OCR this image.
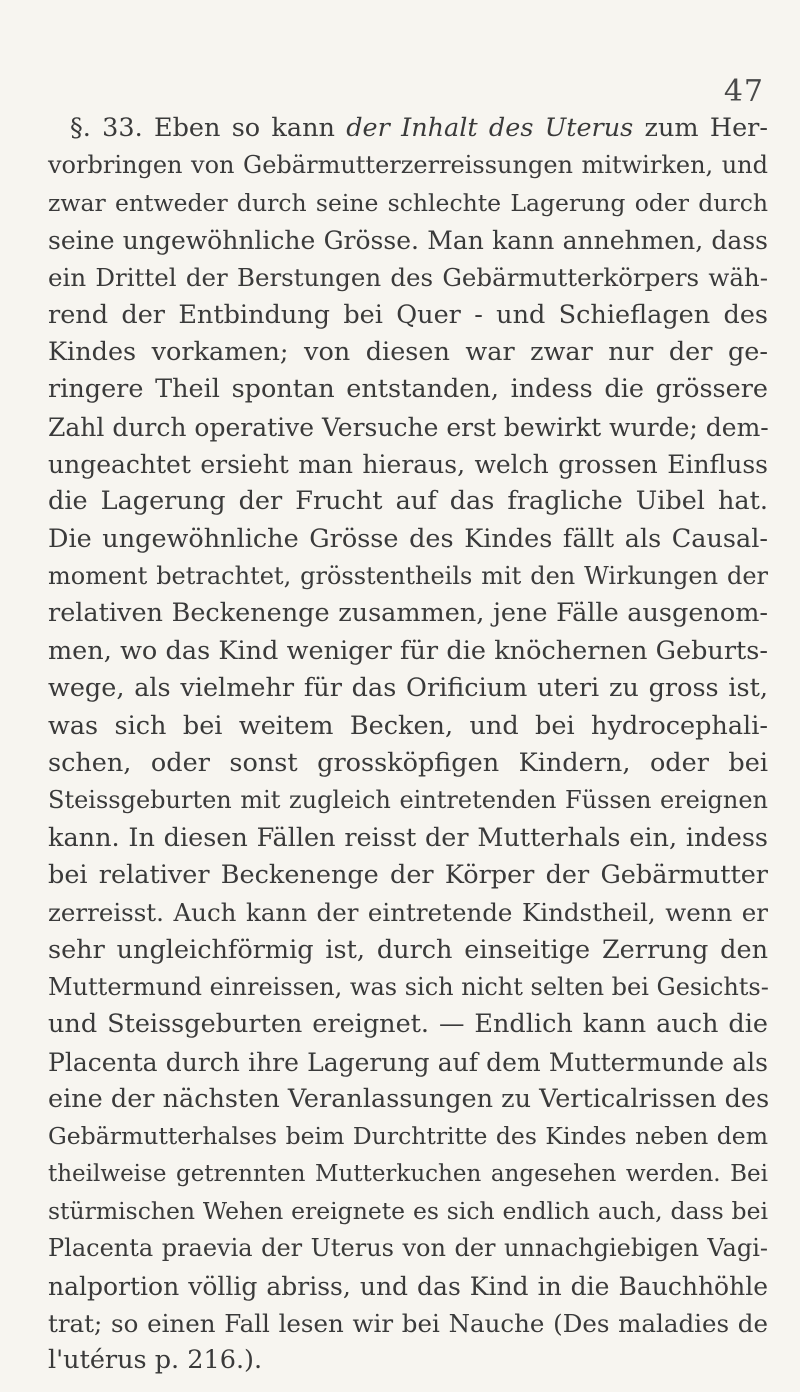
47
§. 33. Eben so kann der Inhalt des Uterus zum Her-
vorbringen von Gebärmutterzerreissungen mitwirken, und
zwar entweder durch seine schlechte Lagerung oder durch
seine ungewöhnliche Grösse. Man kann annehmen, dass
ein Drittel der Berstungen des Gebärmutterkörpers wäh-
rend der Entbindung bei Quer - und Schieflagen des
Kindes vorkamen; von diesen war zwar nur der ge-
ringere Theil spontan entstanden, indess die grössere
Zahl durch operative Versuche erst bewirkt wurde; dem-
ungeachtet ersieht man hieraus, welch grossen Einfluss
die Lagerung der Frucht auf das fragliche Uibel hat.
Die ungewöhnliche Grösse des Kindes fällt als Causal-
moment betrachtet, grösstentheils mit den Wirkungen der
relativen Beckenenge zusammen, jene Fälle ausgenom-
men, wo das Kind weniger für die knöchernen Geburts-
wege, als vielmehr für das Orificium uteri zu gross ist,
was sich bei weitem Becken, und bei hydrocephali-
schen, oder sonst grossköpfigen Kindern, oder bei
Steissgeburten mit zugleich eintretenden Füssen ereignen
kann. In diesen Fällen reisst der Mutterhals ein, indess
bei relativer Beckenenge der Körper der Gebärmutter
zerreisst. Auch kann der eintretende Kindstheil, wenn er
sehr ungleichförmig ist, durch einseitige Zerrung den
Muttermund einreissen, was sich nicht selten bei Gesichts-
und Steissgeburten ereignet. — Endlich kann auch die
Placenta durch ihre Lagerung auf dem Muttermunde als
eine der nächsten Veranlassungen zu Verticalrissen des
Gebärmutterhalses beim Durchtritte des Kindes neben dem
theilweise getrennten Mutterkuchen angesehen werden. Bei
stürmischen Wehen ereignete es sich endlich auch, dass bei
Placenta praevia der Uterus von der unnachgiebigen Vagi-
nalportion völlig abriss, und das Kind in die Bauchhöhle
trat; so einen Fall lesen wir bei Nauche (Des maladies de
l'utérus p. 216.).
